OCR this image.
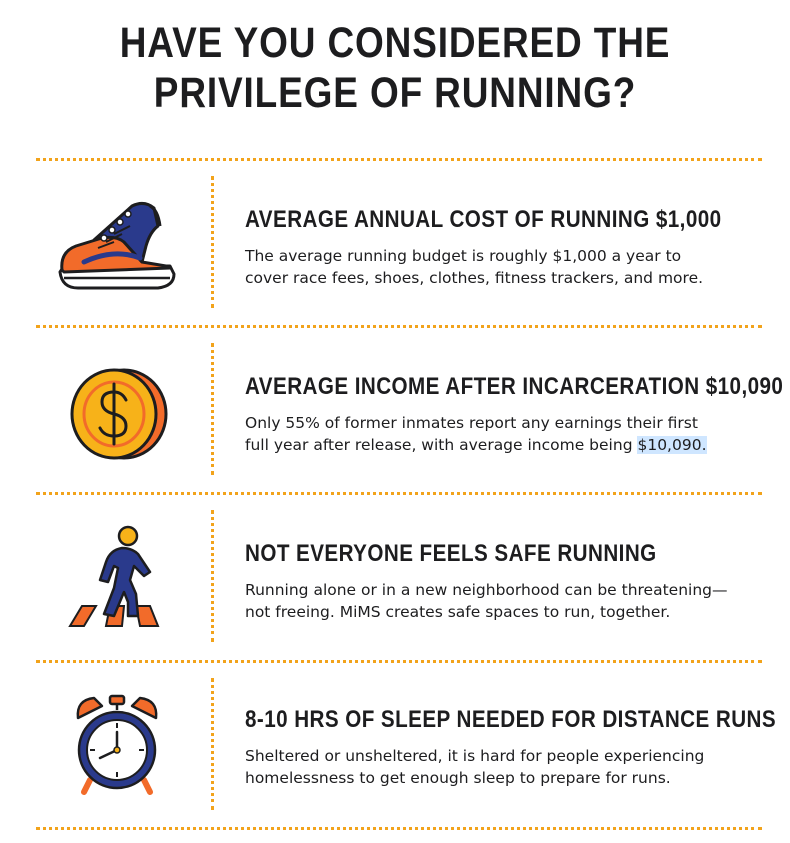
HAVE YOU CONSIDERED THE
PRIVILEGE OF RUNNING?
AVERAGE ANNUAL COST OF RUNNING $1,000
The average running budget is roughly $1,000 a year to
cover race fees, shoes, clothes, fitness trackers, and more.
AVERAGE INCOME AFTER INCARCERATION $10,090
Only 55% of former inmates report any earnings their first
full year after release, with average income being $10,090.
NOT EVERYONE FEELS SAFE RUNNING
Running alone or in a new neighborhood can be threatening—
not freeing. MiMS creates safe spaces to run, together.
8-10 HRS OF SLEEP NEEDED FOR DISTANCE RUNS
Sheltered or unsheltered, it is hard for people experiencing
homelessness to get enough sleep to prepare for runs.
